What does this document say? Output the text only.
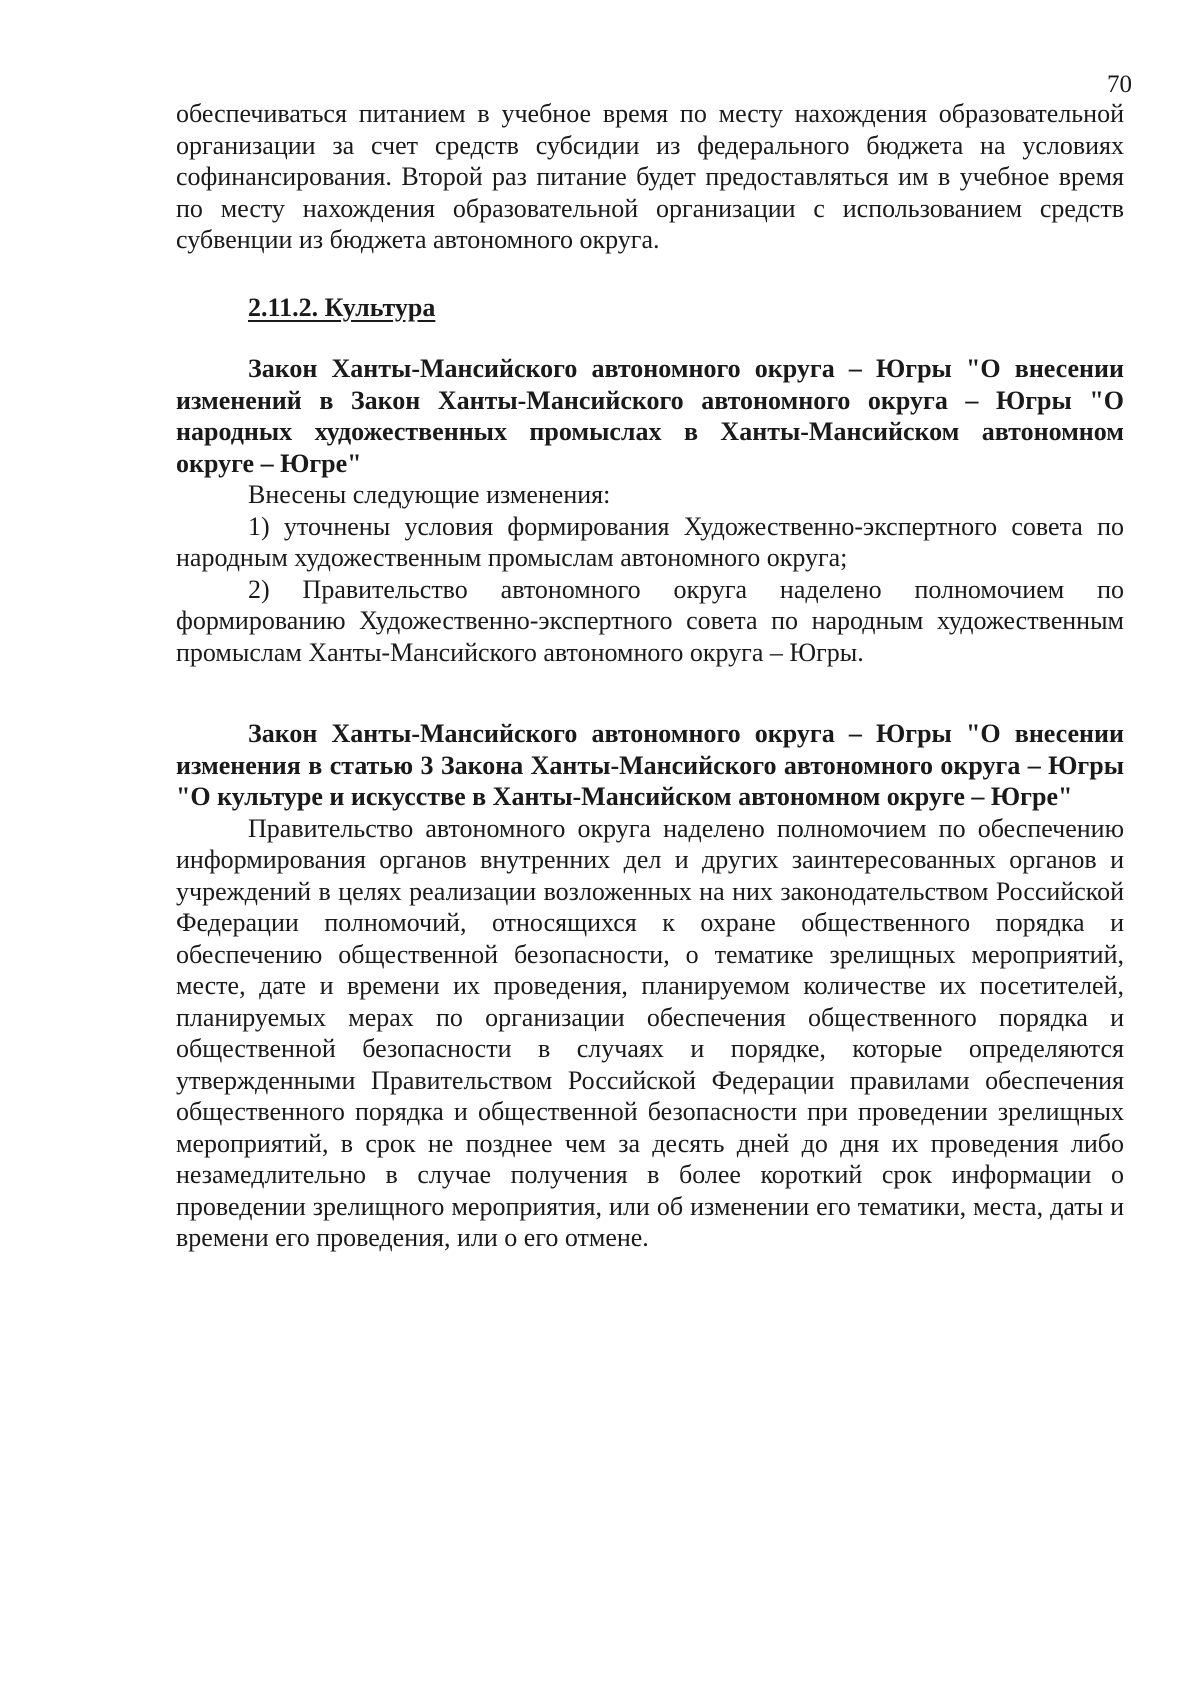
70

обеспечиваться питанием в учебное время по месту нахождения образовательной организации за счет средств субсидии из федерального бюджета на условиях софинансирования. Второй раз питание будет предоставляться им в учебное время по месту нахождения образовательной организации с использованием средств субвенции из бюджета автономного округа.

2.11.2. Культура

Закон Ханты-Мансийского автономного округа – Югры "О внесении изменений в Закон Ханты-Мансийского автономного округа – Югры "О народных художественных промыслах в Ханты-Мансийском автономном округе – Югре"

Внесены следующие изменения:

1) уточнены условия формирования Художественно-экспертного совета по народным художественным промыслам автономного округа;

2) Правительство автономного округа наделено полномочием по формированию Художественно-экспертного совета по народным художественным промыслам Ханты-Мансийского автономного округа – Югры.

Закон Ханты-Мансийского автономного округа – Югры "О внесении изменения в статью 3 Закона Ханты-Мансийского автономного округа – Югры "О культуре и искусстве в Ханты-Мансийском автономном округе – Югре"

Правительство автономного округа наделено полномочием по обеспечению информирования органов внутренних дел и других заинтересованных органов и учреждений в целях реализации возложенных на них законодательством Российской Федерации полномочий, относящихся к охране общественного порядка и обеспечению общественной безопасности, о тематике зрелищных мероприятий, месте, дате и времени их проведения, планируемом количестве их посетителей, планируемых мерах по организации обеспечения общественного порядка и общественной безопасности в случаях и порядке, которые определяются утвержденными Правительством Российской Федерации правилами обеспечения общественного порядка и общественной безопасности при проведении зрелищных мероприятий, в срок не позднее чем за десять дней до дня их проведения либо незамедлительно в случае получения в более короткий срок информации о проведении зрелищного мероприятия, или об изменении его тематики, места, даты и времени его проведения, или о его отмене.
